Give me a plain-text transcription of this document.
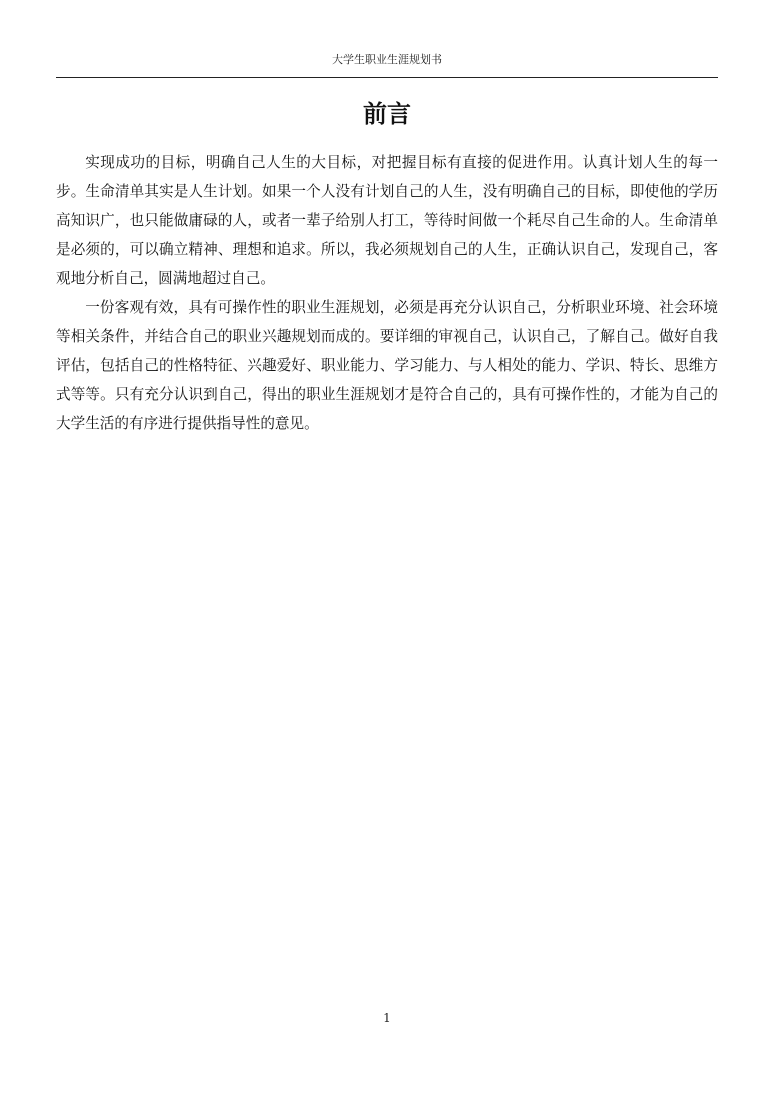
大学生职业生涯规划书
前言

实现成功的目标，明确自己人生的大目标，对把握目标有直接的促进作用。认真计划人生的每一步。生命清单其实是人生计划。如果一个人没有计划自己的人生，没有明确自己的目标，即使他的学历高知识广，也只能做庸碌的人，或者一辈子给别人打工，等待时间做一个耗尽自己生命的人。生命清单是必须的，可以确立精神、理想和追求。所以，我必须规划自己的人生，正确认识自己，发现自己，客观地分析自己，圆满地超过自己。

一份客观有效，具有可操作性的职业生涯规划，必须是再充分认识自己，分析职业环境、社会环境等相关条件，并结合自己的职业兴趣规划而成的。要详细的审视自己，认识自己，了解自己。做好自我评估，包括自己的性格特征、兴趣爱好、职业能力、学习能力、与人相处的能力、学识、特长、思维方式等等。只有充分认识到自己，得出的职业生涯规划才是符合自己的，具有可操作性的，才能为自己的大学生活的有序进行提供指导性的意见。

1
